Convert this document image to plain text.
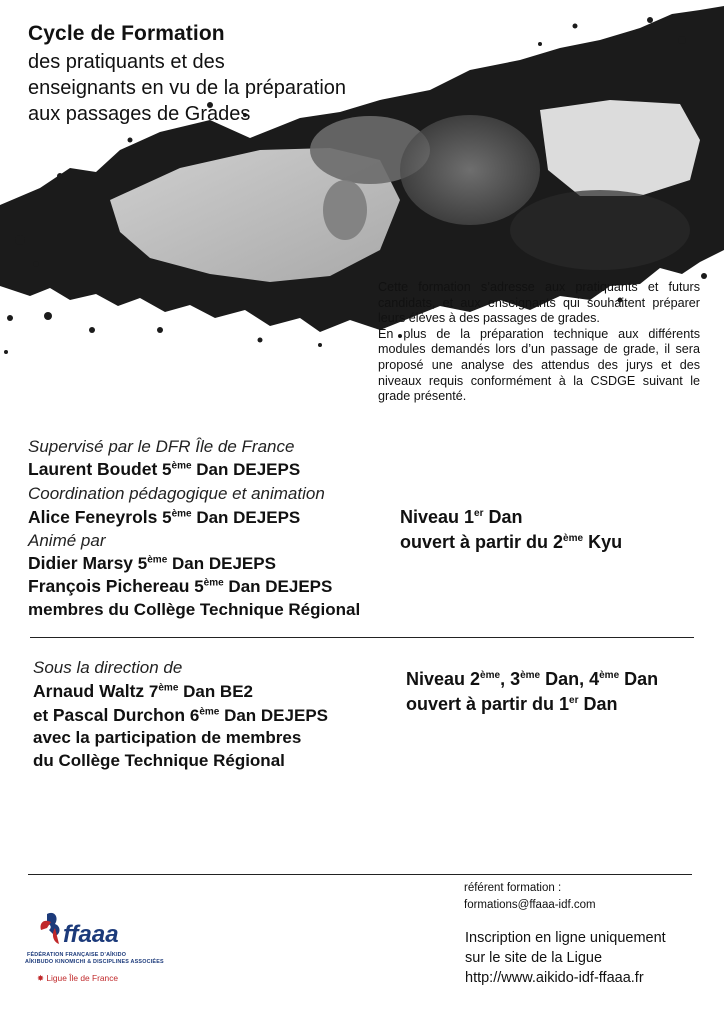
Cycle de Formation
des pratiquants et des
enseignants en vu de la préparation
aux passages de Grades

Cette formation s’adresse aux pratiquants et futurs candidats, et aux enseignants qui souhaitent préparer leurs élèves à des passages de grades.

En plus de la préparation technique aux différents modules demandés lors d’un passage de grade, il sera proposé une analyse des attendus des jurys et des niveaux requis conformément à la CSDGE suivant le grade présenté.

Supervisé par le DFR Île de France
Laurent Boudet 5ème Dan DEJEPS
Coordination pédagogique et animation
Alice Feneyrols 5ème Dan DEJEPS
Animé par
Didier Marsy 5ème Dan DEJEPS
François Pichereau 5ème Dan DEJEPS
membres du Collège Technique Régional
Niveau 1er Dan
ouvert à partir du 2ème Kyu
Sous la direction de
Arnaud Waltz 7ème Dan BE2
et Pascal Durchon 6ème Dan DEJEPS
avec la participation de membres
du Collège Technique Régional
Niveau 2ème, 3ème Dan, 4ème Dan
ouvert à partir du 1er Dan
référent formation :
formations@ffaaa-idf.com
Inscription en ligne uniquement
sur le site de la Ligue
http://www.aikido-idf-ffaaa.fr
ffaaa
FÉDÉRATION FRANÇAISE D’AÏKIDO
AÏKIBUDO KINOMICHI & DISCIPLINES ASSOCIÉES
✸ Ligue Île de France
